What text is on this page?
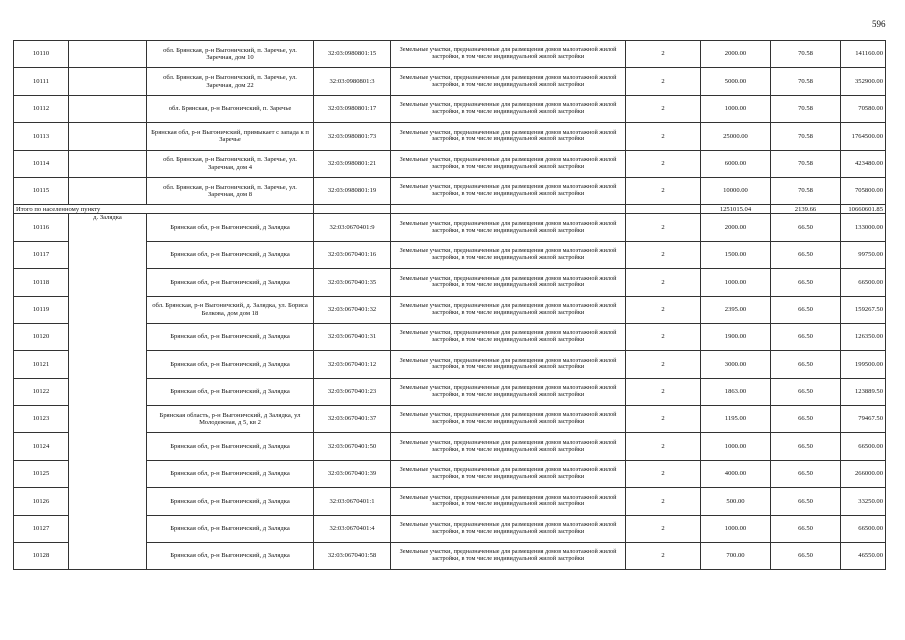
596
10110		обл. Брянская, р-н Выгоничский, п. Заречье, ул. Заречная, дом 10	32:03:0980801:15	Земельные участки, предназначенные для размещения домов малоэтажной жилой застройки, в том числе индивидуальной жилой застройки	2	2000.00	70.58	141160.00
10111		обл. Брянская, р-н Выгоничский, п. Заречье, ул. Заречная, дом 22	32:03:0980801:3	Земельные участки, предназначенные для размещения домов малоэтажной жилой застройки, в том числе индивидуальной жилой застройки	2	5000.00	70.58	352900.00
10112		обл. Брянская, р-н Выгоничский, п. Заречье	32:03:0980801:17	Земельные участки, предназначенные для размещения домов малоэтажной жилой застройки, в том числе индивидуальной жилой застройки	2	1000.00	70.58	70580.00
10113		Брянская обл, р-н Выгоничский, примыкает с запада к п Заречье	32:03:0980801:73	Земельные участки, предназначенные для размещения домов малоэтажной жилой застройки, в том числе индивидуальной жилой застройки	2	25000.00	70.58	1764500.00
10114		обл. Брянская, р-н Выгоничский, п. Заречье, ул. Заречная, дом 4	32:03:0980801:21	Земельные участки, предназначенные для размещения домов малоэтажной жилой застройки, в том числе индивидуальной жилой застройки	2	6000.00	70.58	423480.00
10115		обл. Брянская, р-н Выгоничский, п. Заречье, ул. Заречная, дом 8	32:03:0980801:19	Земельные участки, предназначенные для размещения домов малоэтажной жилой застройки, в том числе индивидуальной жилой застройки	2	10000.00	70.58	705800.00
Итого по населенному пункту						1251015.04	2139.66	10660601.85
10116	д. Залядка	Брянская обл, р-н Выгоничский, д Залядка	32:03:0670401:9	Земельные участки, предназначенные для размещения домов малоэтажной жилой застройки, в том числе индивидуальной жилой застройки	2	2000.00	66.50	133000.00
10117		Брянская обл, р-н Выгоничский, д Залядка	32:03:0670401:16	Земельные участки, предназначенные для размещения домов малоэтажной жилой застройки, в том числе индивидуальной жилой застройки	2	1500.00	66.50	99750.00
10118		Брянская обл, р-н Выгоничский, д Залядка	32:03:0670401:35	Земельные участки, предназначенные для размещения домов малоэтажной жилой застройки, в том числе индивидуальной жилой застройки	2	1000.00	66.50	66500.00
10119		обл. Брянская, р-н Выгоничский, д. Залядка, ул. Бориса Белкова, дом дом 18	32:03:0670401:32	Земельные участки, предназначенные для размещения домов малоэтажной жилой застройки, в том числе индивидуальной жилой застройки	2	2395.00	66.50	159267.50
10120		Брянская обл, р-н Выгоничский, д Залядка	32:03:0670401:31	Земельные участки, предназначенные для размещения домов малоэтажной жилой застройки, в том числе индивидуальной жилой застройки	2	1900.00	66.50	126350.00
10121		Брянская обл, р-н Выгоничский, д Залядка	32:03:0670401:12	Земельные участки, предназначенные для размещения домов малоэтажной жилой застройки, в том числе индивидуальной жилой застройки	2	3000.00	66.50	199500.00
10122		Брянская обл, р-н Выгоничский, д Залядка	32:03:0670401:23	Земельные участки, предназначенные для размещения домов малоэтажной жилой застройки, в том числе индивидуальной жилой застройки	2	1863.00	66.50	123889.50
10123		Брянская область, р-н Выгоничский, д Залядка, ул Молодежная, д 5, кв 2	32:03:0670401:37	Земельные участки, предназначенные для размещения домов малоэтажной жилой застройки, в том числе индивидуальной жилой застройки	2	1195.00	66.50	79467.50
10124		Брянская обл, р-н Выгоничский, д Залядка	32:03:0670401:50	Земельные участки, предназначенные для размещения домов малоэтажной жилой застройки, в том числе индивидуальной жилой застройки	2	1000.00	66.50	66500.00
10125		Брянская обл, р-н Выгоничский, д Залядка	32:03:0670401:39	Земельные участки, предназначенные для размещения домов малоэтажной жилой застройки, в том числе индивидуальной жилой застройки	2	4000.00	66.50	266000.00
10126		Брянская обл, р-н Выгоничский, д Залядка	32:03:0670401:1	Земельные участки, предназначенные для размещения домов малоэтажной жилой застройки, в том числе индивидуальной жилой застройки	2	500.00	66.50	33250.00
10127		Брянская обл, р-н Выгоничский, д Залядка	32:03:0670401:4	Земельные участки, предназначенные для размещения домов малоэтажной жилой застройки, в том числе индивидуальной жилой застройки	2	1000.00	66.50	66500.00
10128		Брянская обл, р-н Выгоничский, д Залядка	32:03:0670401:58	Земельные участки, предназначенные для размещения домов малоэтажной жилой застройки, в том числе индивидуальной жилой застройки	2	700.00	66.50	46550.00
